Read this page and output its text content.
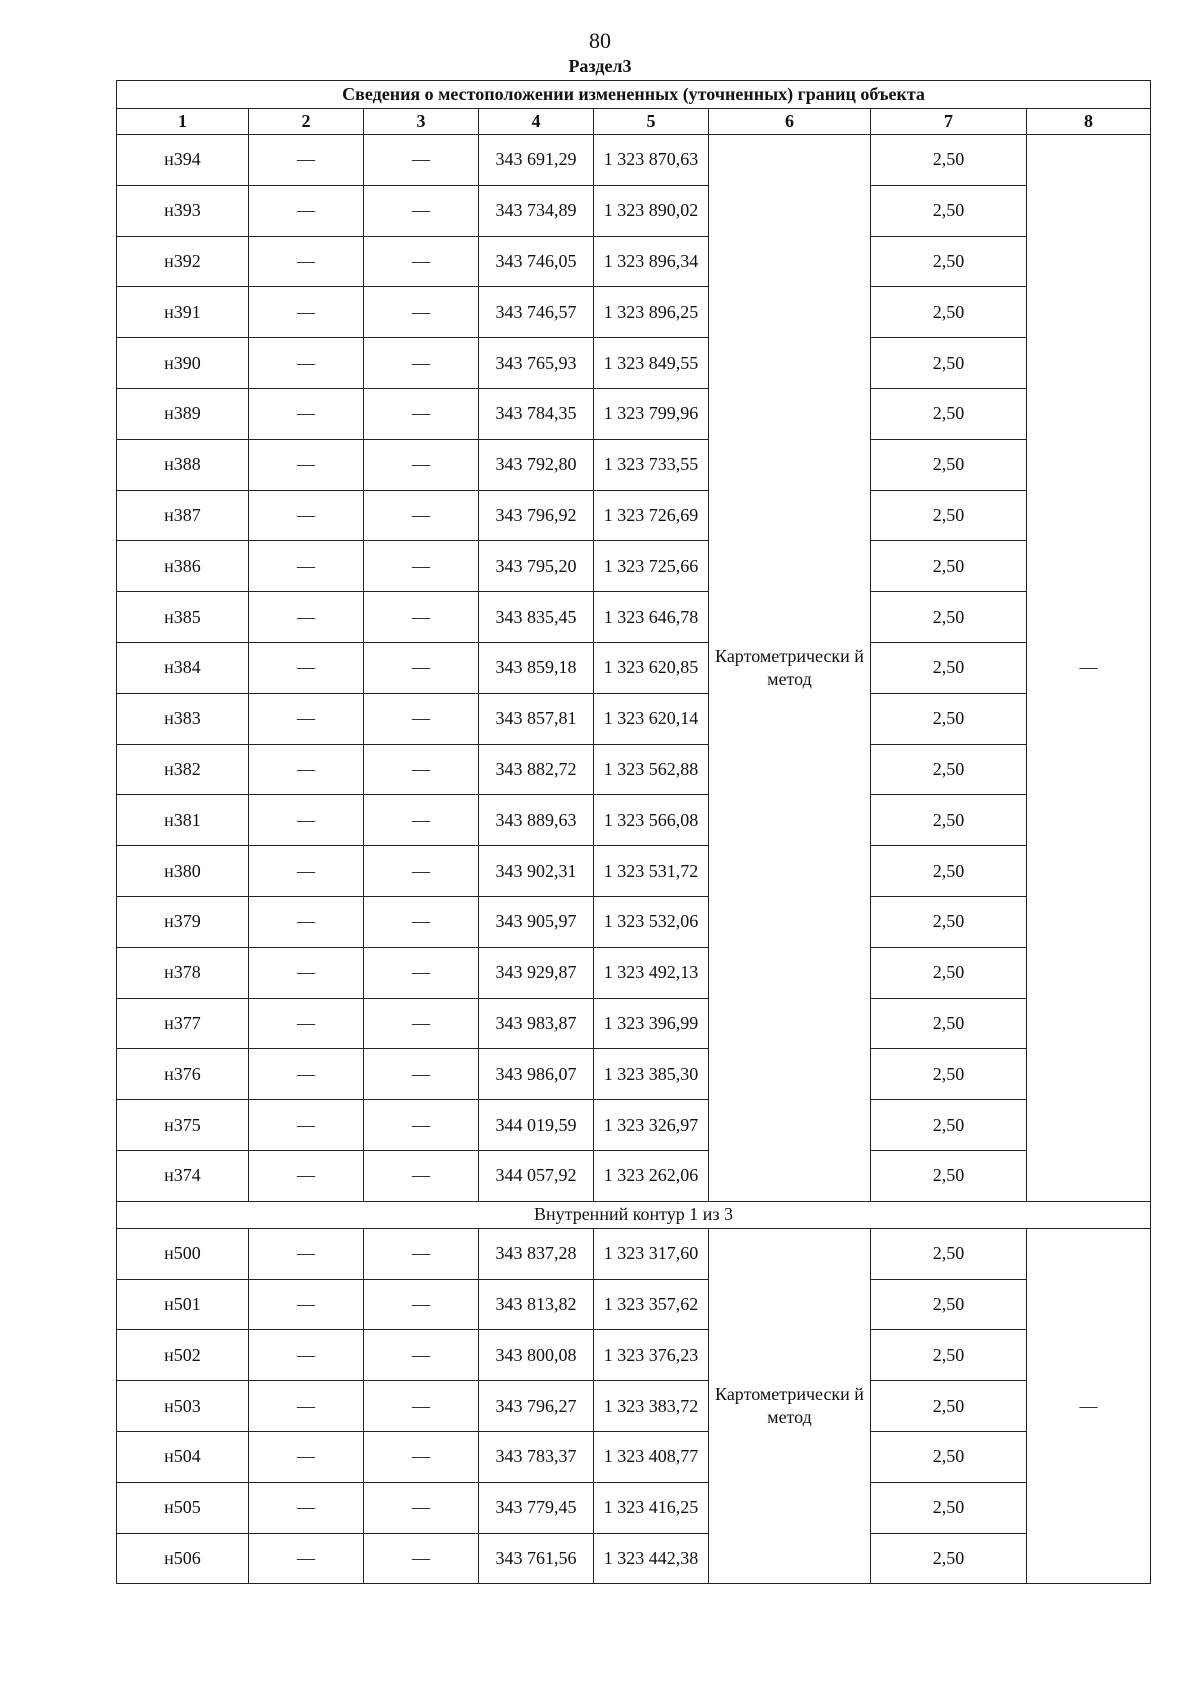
80
Раздел3
Сведения о местоположении измененных (уточненных) границ объекта							
1	2	3	4	5	6	7	8
н394	—	—	343 691,29	1 323 870,63	Картометрически й метод	2,50	—
н393	—	—	343 734,89	1 323 890,02		2,50	
н392	—	—	343 746,05	1 323 896,34		2,50	
н391	—	—	343 746,57	1 323 896,25		2,50	
н390	—	—	343 765,93	1 323 849,55		2,50	
н389	—	—	343 784,35	1 323 799,96		2,50	
н388	—	—	343 792,80	1 323 733,55		2,50	
н387	—	—	343 796,92	1 323 726,69		2,50	
н386	—	—	343 795,20	1 323 725,66		2,50	
н385	—	—	343 835,45	1 323 646,78		2,50	
н384	—	—	343 859,18	1 323 620,85		2,50	
н383	—	—	343 857,81	1 323 620,14		2,50	
н382	—	—	343 882,72	1 323 562,88		2,50	
н381	—	—	343 889,63	1 323 566,08		2,50	
н380	—	—	343 902,31	1 323 531,72		2,50	
н379	—	—	343 905,97	1 323 532,06		2,50	
н378	—	—	343 929,87	1 323 492,13		2,50	
н377	—	—	343 983,87	1 323 396,99		2,50	
н376	—	—	343 986,07	1 323 385,30		2,50	
н375	—	—	344 019,59	1 323 326,97		2,50	
н374	—	—	344 057,92	1 323 262,06		2,50	
Внутренний контур 1 из 3							
н500	—	—	343 837,28	1 323 317,60	Картометрически й метод	2,50	—
н501	—	—	343 813,82	1 323 357,62		2,50	
н502	—	—	343 800,08	1 323 376,23		2,50	
н503	—	—	343 796,27	1 323 383,72		2,50	
н504	—	—	343 783,37	1 323 408,77		2,50	
н505	—	—	343 779,45	1 323 416,25		2,50	
н506	—	—	343 761,56	1 323 442,38		2,50	
